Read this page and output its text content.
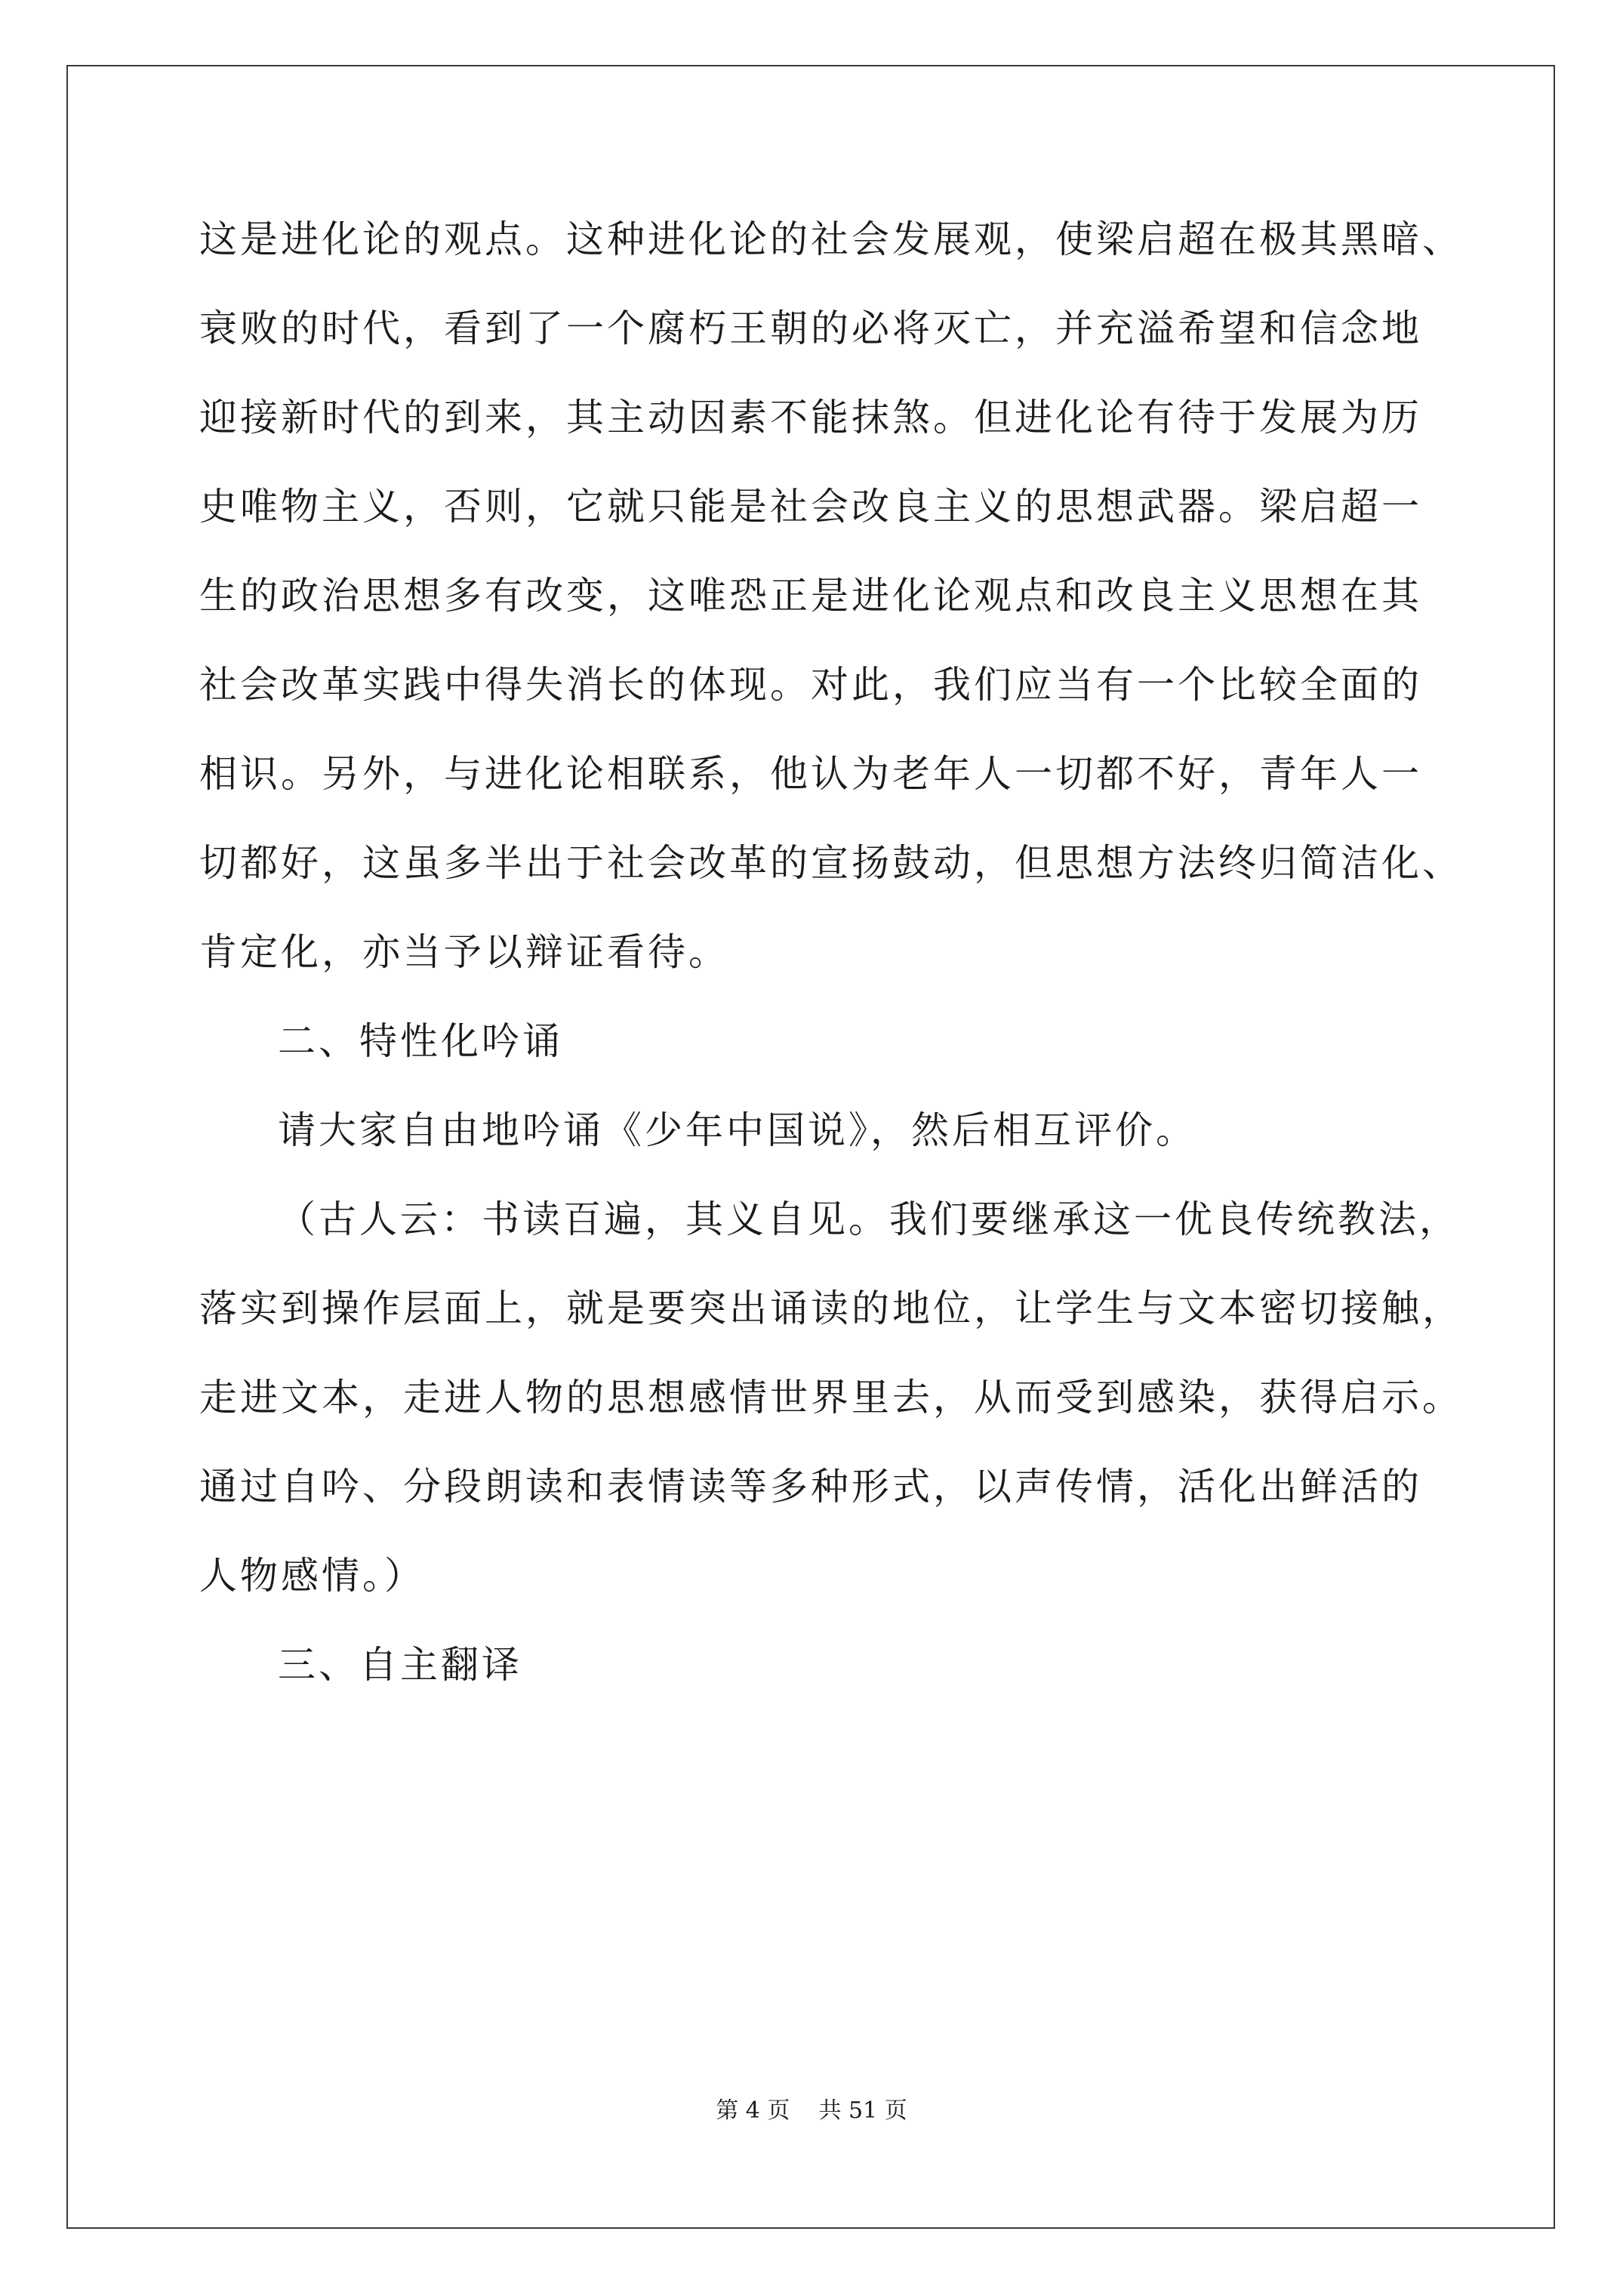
这是进化论的观点。这种进化论的社会发展观，使梁启超在极其黑暗、
衰败的时代，看到了一个腐朽王朝的必将灭亡，并充溢希望和信念地
迎接新时代的到来，其主动因素不能抹煞。但进化论有待于发展为历
史唯物主义，否则，它就只能是社会改良主义的思想武器。梁启超一
生的政治思想多有改变，这唯恐正是进化论观点和改良主义思想在其
社会改革实践中得失消长的体现。对此，我们应当有一个比较全面的
相识。另外，与进化论相联系，他认为老年人一切都不好，青年人一
切都好，这虽多半出于社会改革的宣扬鼓动，但思想方法终归简洁化、
肯定化，亦当予以辩证看待。
二、特性化吟诵
请大家自由地吟诵《少年中国说》，然后相互评价。
（古人云：书读百遍，其义自见。我们要继承这一优良传统教法，
落实到操作层面上，就是要突出诵读的地位，让学生与文本密切接触，
走进文本，走进人物的思想感情世界里去，从而受到感染，获得启示。
通过自吟、分段朗读和表情读等多种形式，以声传情，活化出鲜活的
人物感情。）
三、自主翻译
第 4 页    共 51 页
